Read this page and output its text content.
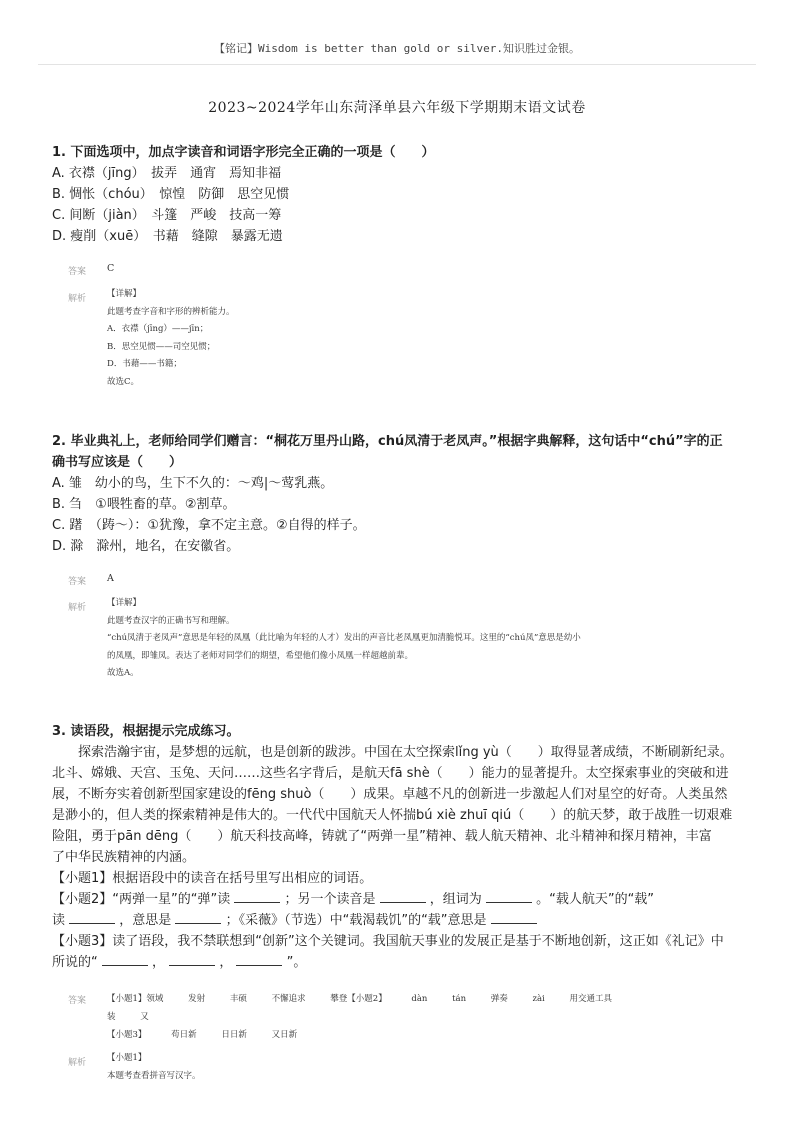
【铭记】Wisdom is better than gold or silver.知识胜过金银。
2023~2024学年山东菏泽单县六年级下学期期末语文试卷
1. 下面选项中，加点字读音和词语字形完全正确的一项是（　　）
A. 衣襟（jīng）　拔弄　通宵　焉知非福
B. 惆怅（chóu）　惊惶　防御　思空见惯
C. 间断（jiàn）　斗篷　严峻　技高一筹
D. 瘦削（xuē）　书藉　缝隙　暴露无遗
答案 C
解析 【详解】
此题考查字音和字形的辨析能力。
A．衣襟（jīng）——jīn；
B．思空见惯——司空见惯；
D．书藉——书籍；
故选C。
2. 毕业典礼上，老师给同学们赠言：“桐花万里丹山路，chú凤清于老凤声。”根据字典解释，这句话中“chú”字的正
确书写应该是（　　）
A. 雏　幼小的鸟，生下不久的：～鸡|～莺乳燕。
B. 刍　①喂牲畜的草。②割草。
C. 躇　（踌～）：①犹豫，拿不定主意。②自得的样子。
D. 滁　滁州，地名，在安徽省。
答案 A
解析 【详解】
此题考查汉字的正确书写和理解。
“chú凤清于老凤声”意思是年轻的凤凰（此比喻为年轻的人才）发出的声音比老凤凰更加清脆悦耳。这里的“chú凤”意思是幼小
的凤凰，即雏凤。表达了老师对同学们的期望，希望他们像小凤凰一样超越前辈。
故选A。
3. 读语段，根据提示完成练习。
探索浩瀚宇宙，是梦想的远航，也是创新的跋涉。中国在太空探索lǐng yù（　　）取得显著成绩，不断刷新纪录。
北斗、嫦娥、天宫、玉兔、天问……这些名字背后，是航天fā shè（　　）能力的显著提升。太空探索事业的突破和进
展，不断夯实着创新型国家建设的fēng shuò（　　）成果。卓越不凡的创新进一步激起人们对星空的好奇。人类虽然
是渺小的，但人类的探索精神是伟大的。一代代中国航天人怀揣bú xiè zhuī qiú（　　）的航天梦，敢于战胜一切艰难
险阻，勇于pān dēng（　　）航天科技高峰，铸就了“两弹一星”精神、载人航天精神、北斗精神和探月精神，丰富
了中华民族精神的内涵。
【小题1】根据语段中的读音在括号里写出相应的词语。
【小题2】“两弹一星”的“弹”读	；另一个读音是	，组词为	。“载人航天”的“载”
读	，意思是	；《采薇》（节选）中“载渴载饥”的“载”意思是
【小题3】读了语段，我不禁联想到“创新”这个关键词。我国航天事业的发展正是基于不断地创新，这正如《礼记》中
所说的“	，	，	”。
答案 【小题1】领域	发射	丰硕	不懈追求	攀登【小题2】	dàn	tán	弹奏	zài	用交通工具
装	又
【小题3】	苟日新	日日新	又日新
解析 【小题1】
本题考查看拼音写汉字。
